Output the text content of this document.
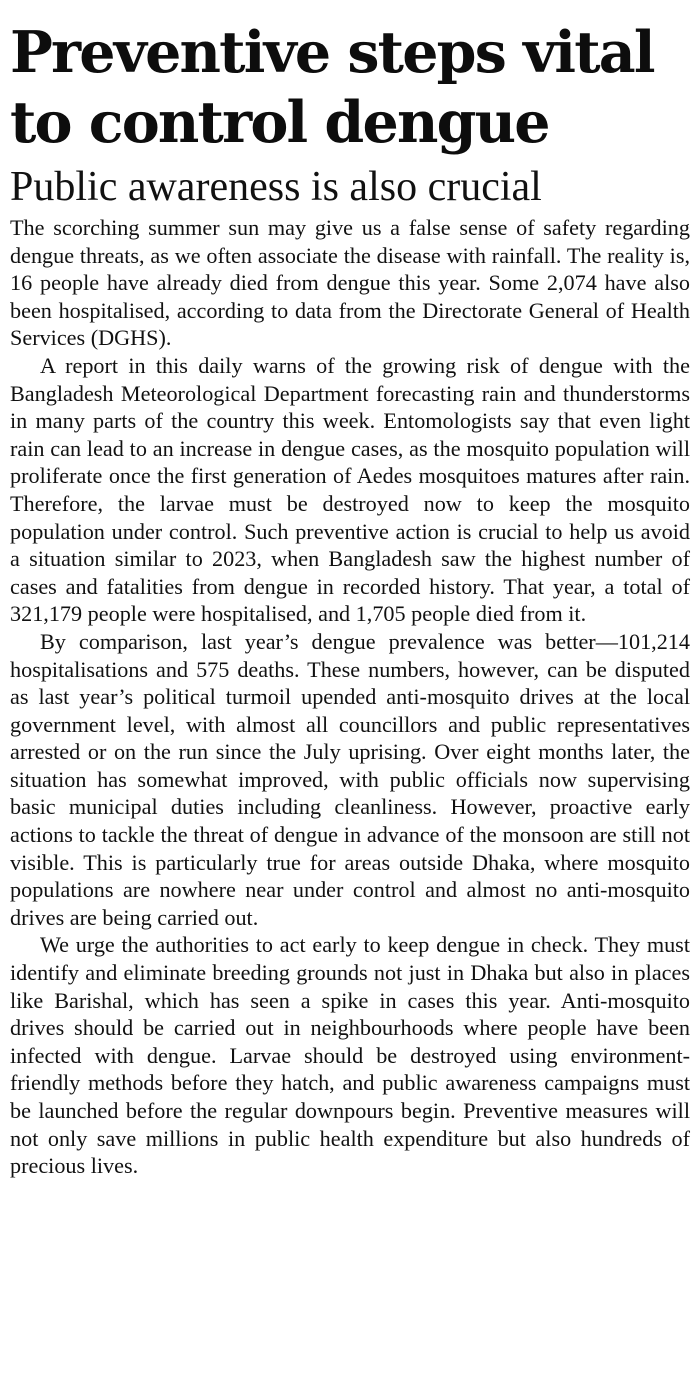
Preventive steps vital to control dengue
Public awareness is also crucial

The scorching summer sun may give us a false sense of safety regarding dengue threats, as we often associate the disease with rainfall. The reality is, 16 people have already died from dengue this year. Some 2,074 have also been hospitalised, according to data from the Directorate General of Health Services (DGHS).

A report in this daily warns of the growing risk of dengue with the Bangladesh Meteorological Department forecasting rain and thunderstorms in many parts of the country this week. Entomologists say that even light rain can lead to an increase in dengue cases, as the mosquito population will proliferate once the first generation of Aedes mosquitoes matures after rain. Therefore, the larvae must be destroyed now to keep the mosquito population under control. Such preventive action is crucial to help us avoid a situation similar to 2023, when Bangladesh saw the highest number of cases and fatalities from dengue in recorded history. That year, a total of 321,179 people were hospitalised, and 1,705 people died from it.

By comparison, last year’s dengue prevalence was better—101,214 hospitalisations and 575 deaths. These numbers, however, can be disputed as last year’s political turmoil upended anti-mosquito drives at the local government level, with almost all councillors and public representatives arrested or on the run since the July uprising. Over eight months later, the situation has somewhat improved, with public officials now supervising basic municipal duties including cleanliness. However, proactive early actions to tackle the threat of dengue in advance of the monsoon are still not visible. This is particularly true for areas outside Dhaka, where mosquito populations are nowhere near under control and almost no anti-mosquito drives are being carried out.

We urge the authorities to act early to keep dengue in check. They must identify and eliminate breeding grounds not just in Dhaka but also in places like Barishal, which has seen a spike in cases this year. Anti-mosquito drives should be carried out in neighbourhoods where people have been infected with dengue. Larvae should be destroyed using environment-friendly methods before they hatch, and public awareness campaigns must be launched before the regular downpours begin. Preventive measures will not only save millions in public health expenditure but also hundreds of precious lives.
